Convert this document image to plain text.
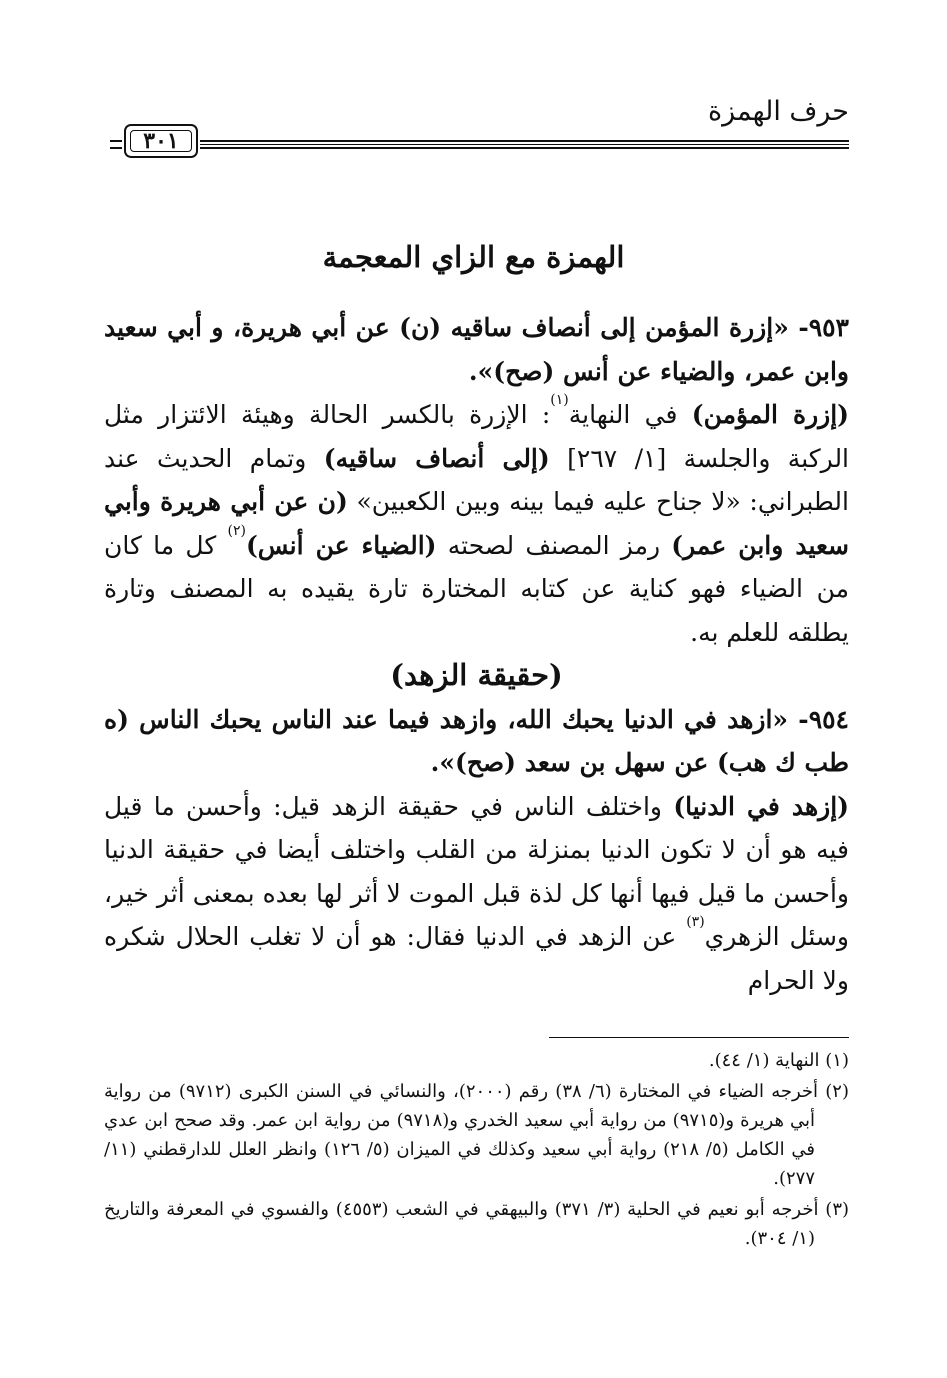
حرف الهمزة
٣٠١
الهمزة مع الزاي المعجمة

٩٥٣- «إزرة المؤمن إلى أنصاف ساقيه (ن) عن أبي هريرة، و أبي سعيد وابن عمر، والضياء عن أنس (صح)».

(إزرة المؤمن) في النهاية$^{(١)}$: الإزرة بالكسر الحالة وهيئة الائتزار مثل الركبة والجلسة [١/ ٢٦٧] (إلى أنصاف ساقيه) وتمام الحديث عند الطبراني: «لا جناح عليه فيما بينه وبين الكعبين» (ن عن أبي هريرة وأبي سعيد وابن عمر) رمز المصنف لصحته (الضياء عن أنس)$^{(٢)}$ كل ما كان من الضياء فهو كناية عن كتابه المختارة تارة يقيده به المصنف وتارة يطلقه للعلم به.

(حقيقة الزهد)

٩٥٤- «ازهد في الدنيا يحبك الله، وازهد فيما عند الناس يحبك الناس (ه طب ك هب) عن سهل بن سعد (صح)».

(إزهد في الدنيا) واختلف الناس في حقيقة الزهد قيل: وأحسن ما قيل فيه هو أن لا تكون الدنيا بمنزلة من القلب واختلف أيضا في حقيقة الدنيا وأحسن ما قيل فيها أنها كل لذة قبل الموت لا أثر لها بعده بمعنى أثر خير، وسئل الزهري$^{(٣)}$ عن الزهد في الدنيا فقال: هو أن لا تغلب الحلال شكره ولا الحرام

(١) النهاية (١/ ٤٤).

(٢) أخرجه الضياء في المختارة (٦/ ٣٨) رقم (٢٠٠٠)، والنسائي في السنن الكبرى (٩٧١٢) من رواية أبي هريرة و(٩٧١٥) من رواية أبي سعيد الخدري و(٩٧١٨) من رواية ابن عمر. وقد صحح ابن عدي في الكامل (٥/ ٢١٨) رواية أبي سعيد وكذلك في الميزان (٥/ ١٢٦) وانظر العلل للدارقطني (١١/ ٢٧٧).

(٣) أخرجه أبو نعيم في الحلية (٣/ ٣٧١) والبيهقي في الشعب (٤٥٥٣) والفسوي في المعرفة والتاريخ (١/ ٣٠٤).
